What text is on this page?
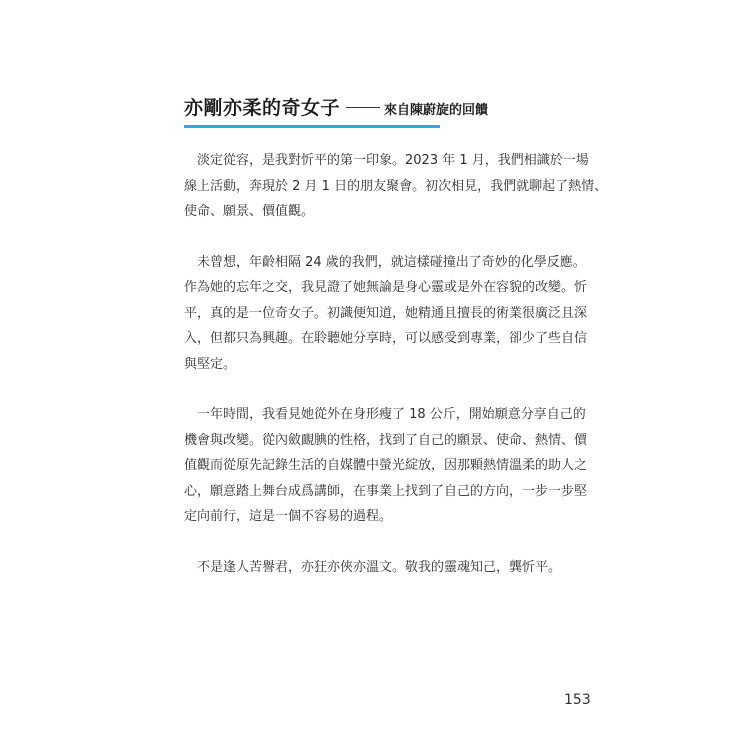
亦剛亦柔的奇女子	來自陳蔚旋的回饋

　淡定從容，是我對忻平的第一印象。2023 年 1 月，我們相識於一場
線上活動，奔現於 2 月 1 日的朋友聚會。初次相見，我們就聊起了熱情、
使命、願景、價值觀。

　未曾想，年齡相隔 24 歲的我們，就這樣碰撞出了奇妙的化學反應。
作為她的忘年之交，我見證了她無論是身心靈或是外在容貌的改變。忻
平，真的是一位奇女子。初識便知道，她精通且擅長的術業很廣泛且深
入，但都只為興趣。在聆聽她分享時，可以感受到專業，卻少了些自信
與堅定。

　一年時間，我看見她從外在身形瘦了 18 公斤，開始願意分享自己的
機會與改變。從內斂靦腆的性格，找到了自己的願景、使命、熱情、價
值觀而從原先記錄生活的自媒體中螢光綻放，因那顆熱情溫柔的助人之
心，願意踏上舞台成爲講師，在事業上找到了自己的方向，一步一步堅
定向前行，這是一個不容易的過程。

　不是逢人苦譽君，亦狂亦俠亦溫文。敬我的靈魂知己，龔忻平。

153
